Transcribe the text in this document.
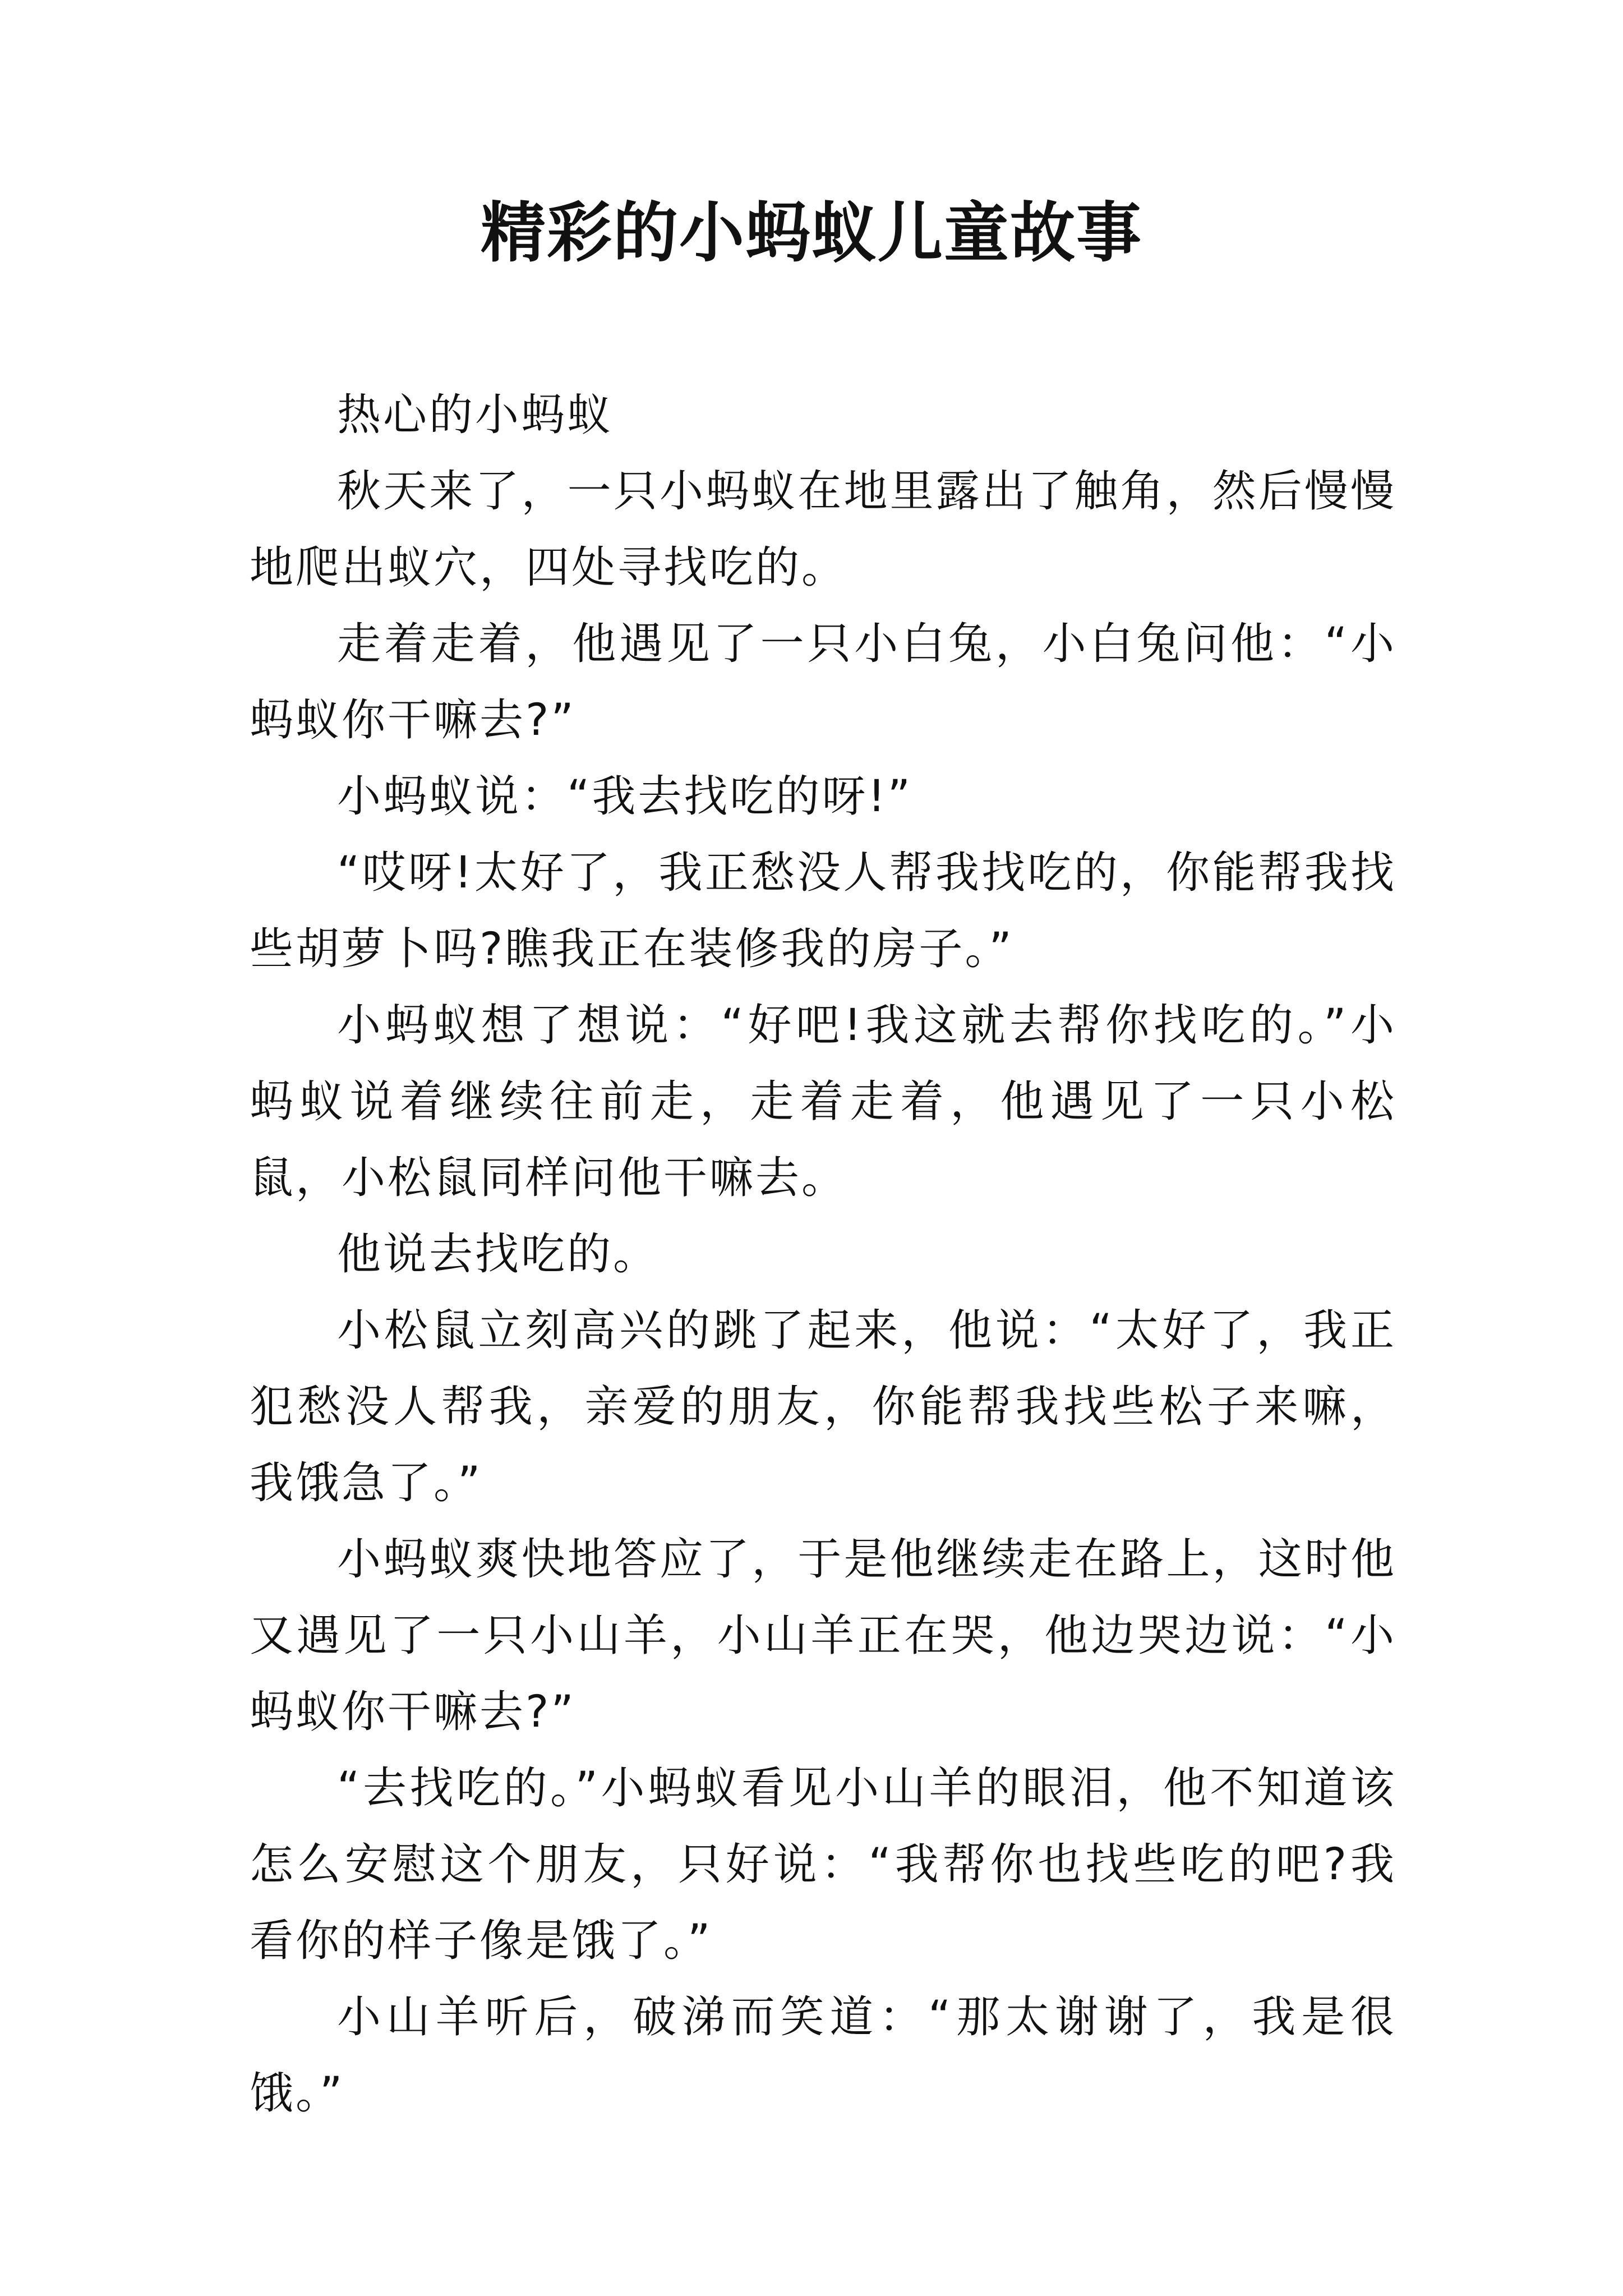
精彩的小蚂蚁儿童故事

热心的小蚂蚁

秋天来了，一只小蚂蚁在地里露出了触角，然后慢慢地爬出蚁穴，四处寻找吃的。

走着走着，他遇见了一只小白兔，小白兔问他：“小蚂蚁你干嘛去?”

小蚂蚁说：“我去找吃的呀!”

“哎呀!太好了，我正愁没人帮我找吃的，你能帮我找些胡萝卜吗?瞧我正在装修我的房子。”

小蚂蚁想了想说：“好吧!我这就去帮你找吃的。”小蚂蚁说着继续往前走，走着走着，他遇见了一只小松鼠，小松鼠同样问他干嘛去。

他说去找吃的。

小松鼠立刻高兴的跳了起来，他说：“太好了，我正犯愁没人帮我，亲爱的朋友，你能帮我找些松子来嘛，我饿急了。”

小蚂蚁爽快地答应了，于是他继续走在路上，这时他又遇见了一只小山羊，小山羊正在哭，他边哭边说：“小蚂蚁你干嘛去?”

“去找吃的。”小蚂蚁看见小山羊的眼泪，他不知道该怎么安慰这个朋友，只好说：“我帮你也找些吃的吧?我看你的样子像是饿了。”

小山羊听后，破涕而笑道：“那太谢谢了，我是很饿。”
